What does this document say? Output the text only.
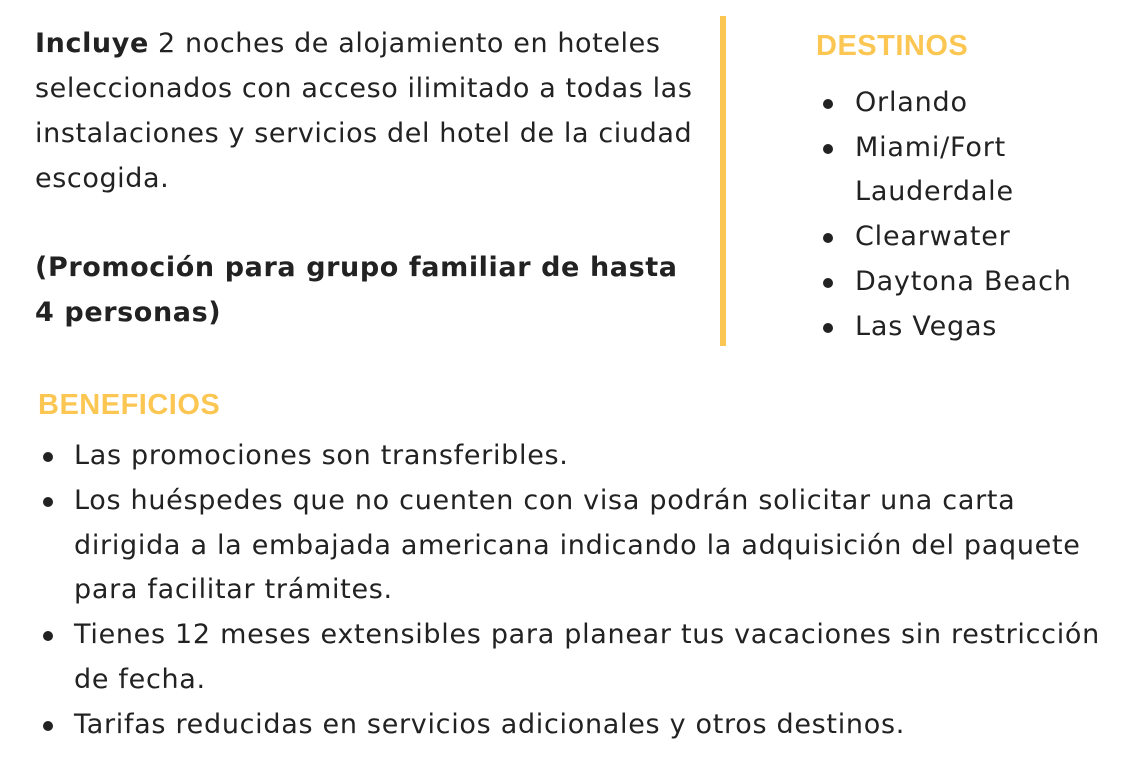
Incluye 2 noches de alojamiento en hoteles seleccionados con acceso ilimitado a todas las instalaciones y servicios del hotel de la ciudad escogida.

(Promoción para grupo familiar de hasta 4 personas)

DESTINOS
Orlando
Miami/Fort Lauderdale
Clearwater
Daytona Beach
Las Vegas
BENEFICIOS
Las promociones son transferibles.
Los huéspedes que no cuenten con visa podrán solicitar una carta dirigida a la embajada americana indicando la adquisición del paquete para facilitar trámites.
Tienes 12 meses extensibles para planear tus vacaciones sin restricción de fecha.
Tarifas reducidas en servicios adicionales y otros destinos.
